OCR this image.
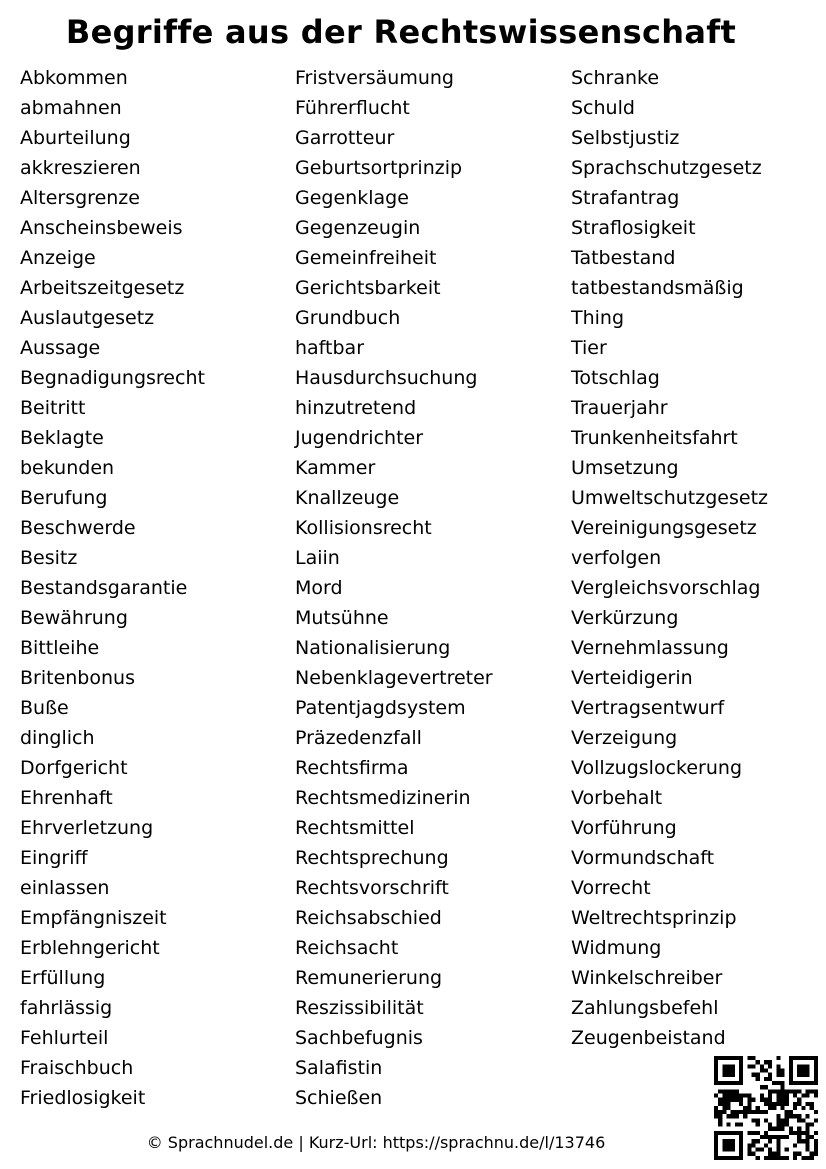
Begriffe aus der Rechtswissenschaft
Abkommen
abmahnen
Aburteilung
akkreszieren
Altersgrenze
Anscheinsbeweis
Anzeige
Arbeitszeitgesetz
Auslautgesetz
Aussage
Begnadigungsrecht
Beitritt
Beklagte
bekunden
Berufung
Beschwerde
Besitz
Bestandsgarantie
Bewährung
Bittleihe
Britenbonus
Buße
dinglich
Dorfgericht
Ehrenhaft
Ehrverletzung
Eingriff
einlassen
Empfängniszeit
Erblehngericht
Erfüllung
fahrlässig
Fehlurteil
Fraischbuch
Friedlosigkeit
Fristversäumung
Führerflucht
Garrotteur
Geburtsortprinzip
Gegenklage
Gegenzeugin
Gemeinfreiheit
Gerichtsbarkeit
Grundbuch
haftbar
Hausdurchsuchung
hinzutretend
Jugendrichter
Kammer
Knallzeuge
Kollisionsrecht
Laiin
Mord
Mutsühne
Nationalisierung
Nebenklagevertreter
Patentjagdsystem
Präzedenzfall
Rechtsfirma
Rechtsmedizinerin
Rechtsmittel
Rechtsprechung
Rechtsvorschrift
Reichsabschied
Reichsacht
Remunerierung
Reszissibilität
Sachbefugnis
Salafistin
Schießen
Schranke
Schuld
Selbstjustiz
Sprachschutzgesetz
Strafantrag
Straflosigkeit
Tatbestand
tatbestandsmäßig
Thing
Tier
Totschlag
Trauerjahr
Trunkenheitsfahrt
Umsetzung
Umweltschutzgesetz
Vereinigungsgesetz
verfolgen
Vergleichsvorschlag
Verkürzung
Vernehmlassung
Verteidigerin
Vertragsentwurf
Verzeigung
Vollzugslockerung
Vorbehalt
Vorführung
Vormundschaft
Vorrecht
Weltrechtsprinzip
Widmung
Winkelschreiber
Zahlungsbefehl
Zeugenbeistand
© Sprachnudel.de | Kurz-Url: https://sprachnu.de/l/13746
